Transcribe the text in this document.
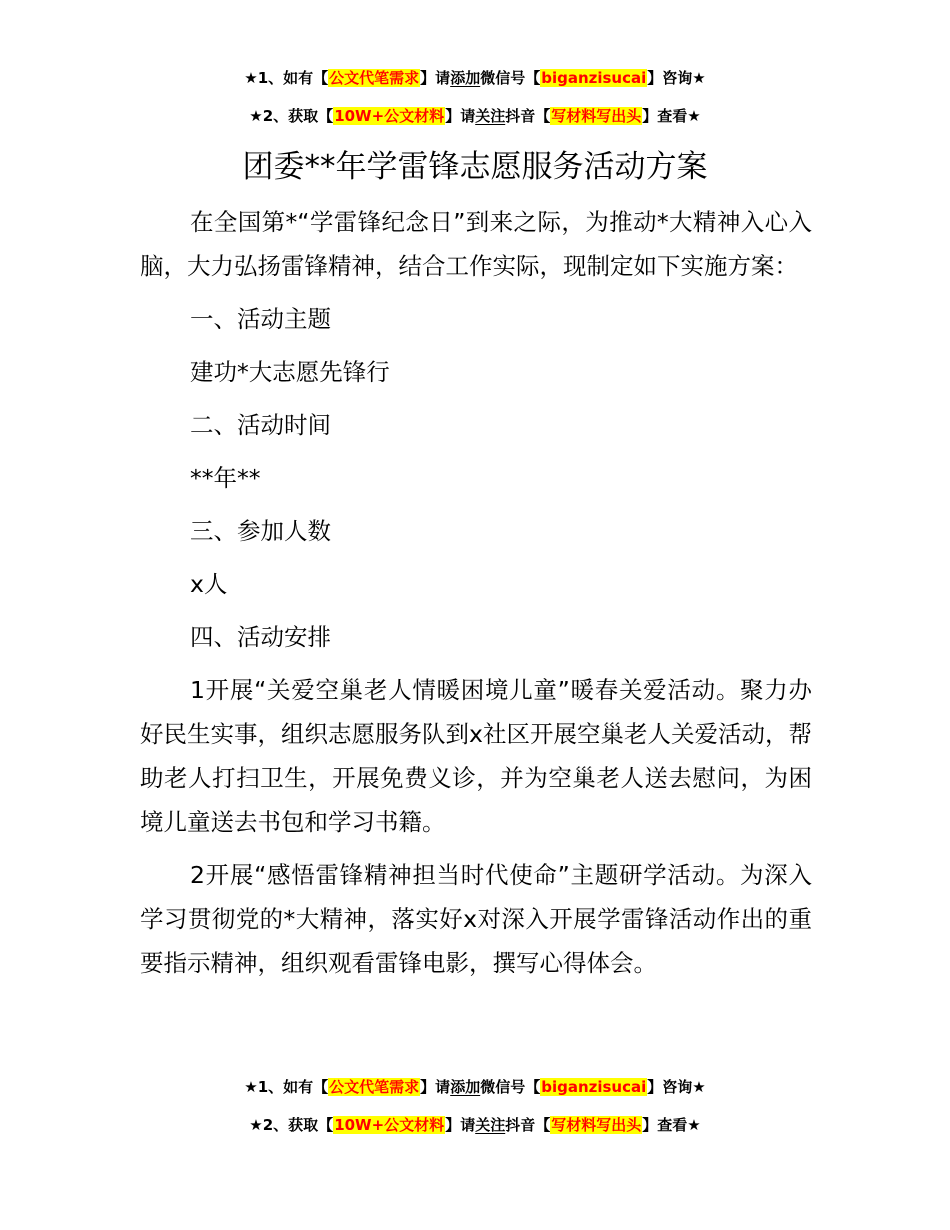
★1、如有【公文代笔需求】请添加微信号【biganzisucai】咨询★
★2、获取【10W+公文材料】请关注抖音【写材料写出头】查看★
团委**年学雷锋志愿服务活动方案

在全国第*“学雷锋纪念日”到来之际，为推动*大精神入心入脑，大力弘扬雷锋精神，结合工作实际，现制定如下实施方案：

一、活动主题

建功*大志愿先锋行

二、活动时间

**年**

三、参加人数

x人

四、活动安排

1开展“关爱空巢老人情暖困境儿童”暖春关爱活动。聚力办好民生实事，组织志愿服务队到x社区开展空巢老人关爱活动，帮助老人打扫卫生，开展免费义诊，并为空巢老人送去慰问，为困境儿童送去书包和学习书籍。

2开展“感悟雷锋精神担当时代使命”主题研学活动。为深入学习贯彻党的*大精神，落实好x对深入开展学雷锋活动作出的重要指示精神，组织观看雷锋电影，撰写心得体会。

★1、如有【公文代笔需求】请添加微信号【biganzisucai】咨询★
★2、获取【10W+公文材料】请关注抖音【写材料写出头】查看★
